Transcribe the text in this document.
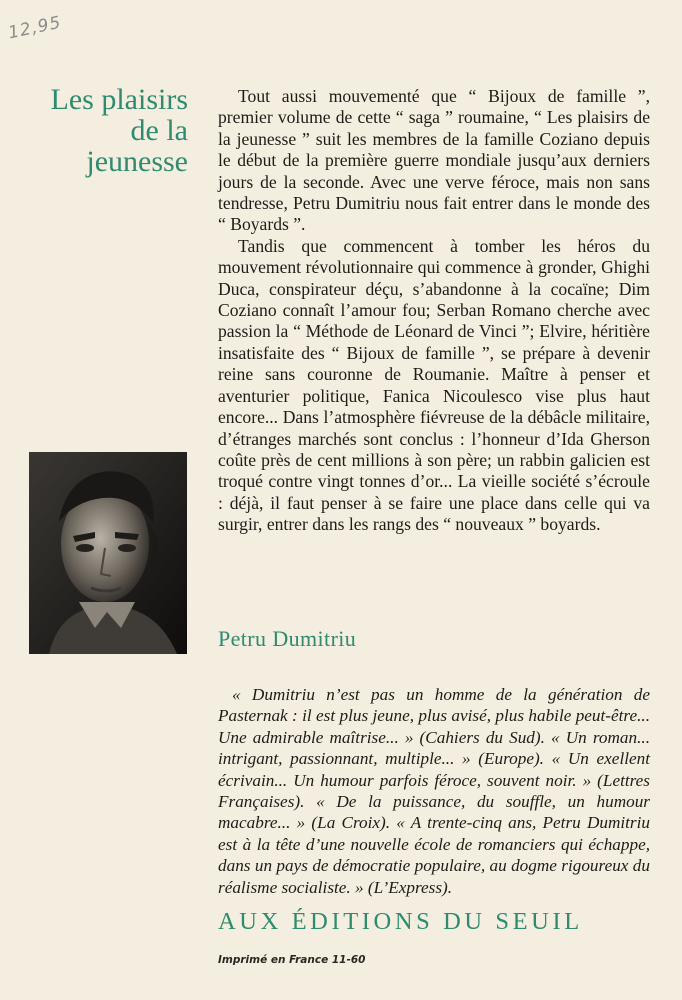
12,95
Les plaisirs de la jeunesse

Tout aussi mouvementé que “ Bijoux de famille ”, premier volume de cette “ saga ” roumaine, “ Les plaisirs de la jeunesse ” suit les membres de la famille Coziano depuis le début de la première guerre mondiale jusqu’aux derniers jours de la seconde. Avec une verve féroce, mais non sans tendresse, Petru Dumitriu nous fait entrer dans le monde des “ Boyards ”.

Tandis que commencent à tomber les héros du mouvement révolutionnaire qui commence à gronder, Ghighi Duca, conspirateur déçu, s’abandonne à la cocaïne; Dim Coziano connaît l’amour fou; Serban Romano cherche avec passion la “ Méthode de Léonard de Vinci ”; Elvire, héritière insatisfaite des “ Bijoux de famille ”, se prépare à devenir reine sans couronne de Roumanie. Maître à penser et aventurier politique, Fanica Nicoulesco vise plus haut encore... Dans l’atmosphère fiévreuse de la débâcle militaire, d’étranges marchés sont conclus : l’honneur d’Ida Gherson coûte près de cent millions à son père; un rabbin galicien est troqué contre vingt tonnes d’or... La vieille société s’écroule : déjà, il faut penser à se faire une place dans celle qui va surgir, entrer dans les rangs des “ nouveaux ” boyards.

Petru Dumitriu

« Dumitriu n’est pas un homme de la génération de Pasternak : il est plus jeune, plus avisé, plus habile peut-être... Une admirable maîtrise... » (Cahiers du Sud). « Un roman... intrigant, passionnant, multiple... » (Europe). « Un exellent écrivain... Un humour parfois féroce, souvent noir. » (Lettres Françaises). « De la puissance, du souffle, un humour macabre... » (La Croix). « A trente-cinq ans, Petru Dumitriu est à la tête d’une nouvelle école de romanciers qui échappe, dans un pays de démocratie populaire, au dogme rigoureux du réalisme socialiste. » (L’Express).

AUX ÉDITIONS DU SEUIL
Imprimé en France 11-60
